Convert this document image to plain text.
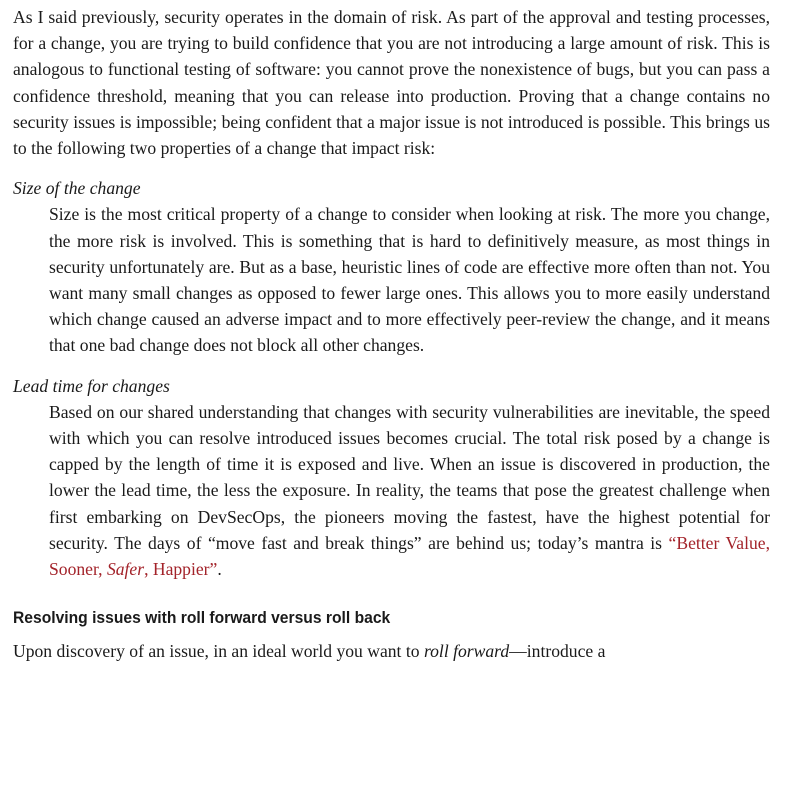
As I said previously, security operates in the domain of risk. As part of the approval and testing processes, for a change, you are trying to build confidence that you are not introducing a large amount of risk. This is analogous to functional testing of software: you cannot prove the nonexistence of bugs, but you can pass a confidence threshold, meaning that you can release into production. Proving that a change contains no security issues is impossible; being confident that a major issue is not introduced is possible. This brings us to the following two properties of a change that impact risk:

Size of the change

Size is the most critical property of a change to consider when looking at risk. The more you change, the more risk is involved. This is something that is hard to definitively measure, as most things in security unfortunately are. But as a base, heuristic lines of code are effective more often than not. You want many small changes as opposed to fewer large ones. This allows you to more easily understand which change caused an adverse impact and to more effectively peer-review the change, and it means that one bad change does not block all other changes.

Lead time for changes

Based on our shared understanding that changes with security vulnerabilities are inevitable, the speed with which you can resolve introduced issues becomes crucial. The total risk posed by a change is capped by the length of time it is exposed and live. When an issue is discovered in production, the lower the lead time, the less the exposure. In reality, the teams that pose the greatest challenge when first embarking on DevSecOps, the pioneers moving the fastest, have the highest potential for security. The days of “move fast and break things” are behind us; today’s mantra is “Better Value, Sooner, Safer, Happier”.

Resolving issues with roll forward versus roll back

Upon discovery of an issue, in an ideal world you want to roll forward—introduce a
